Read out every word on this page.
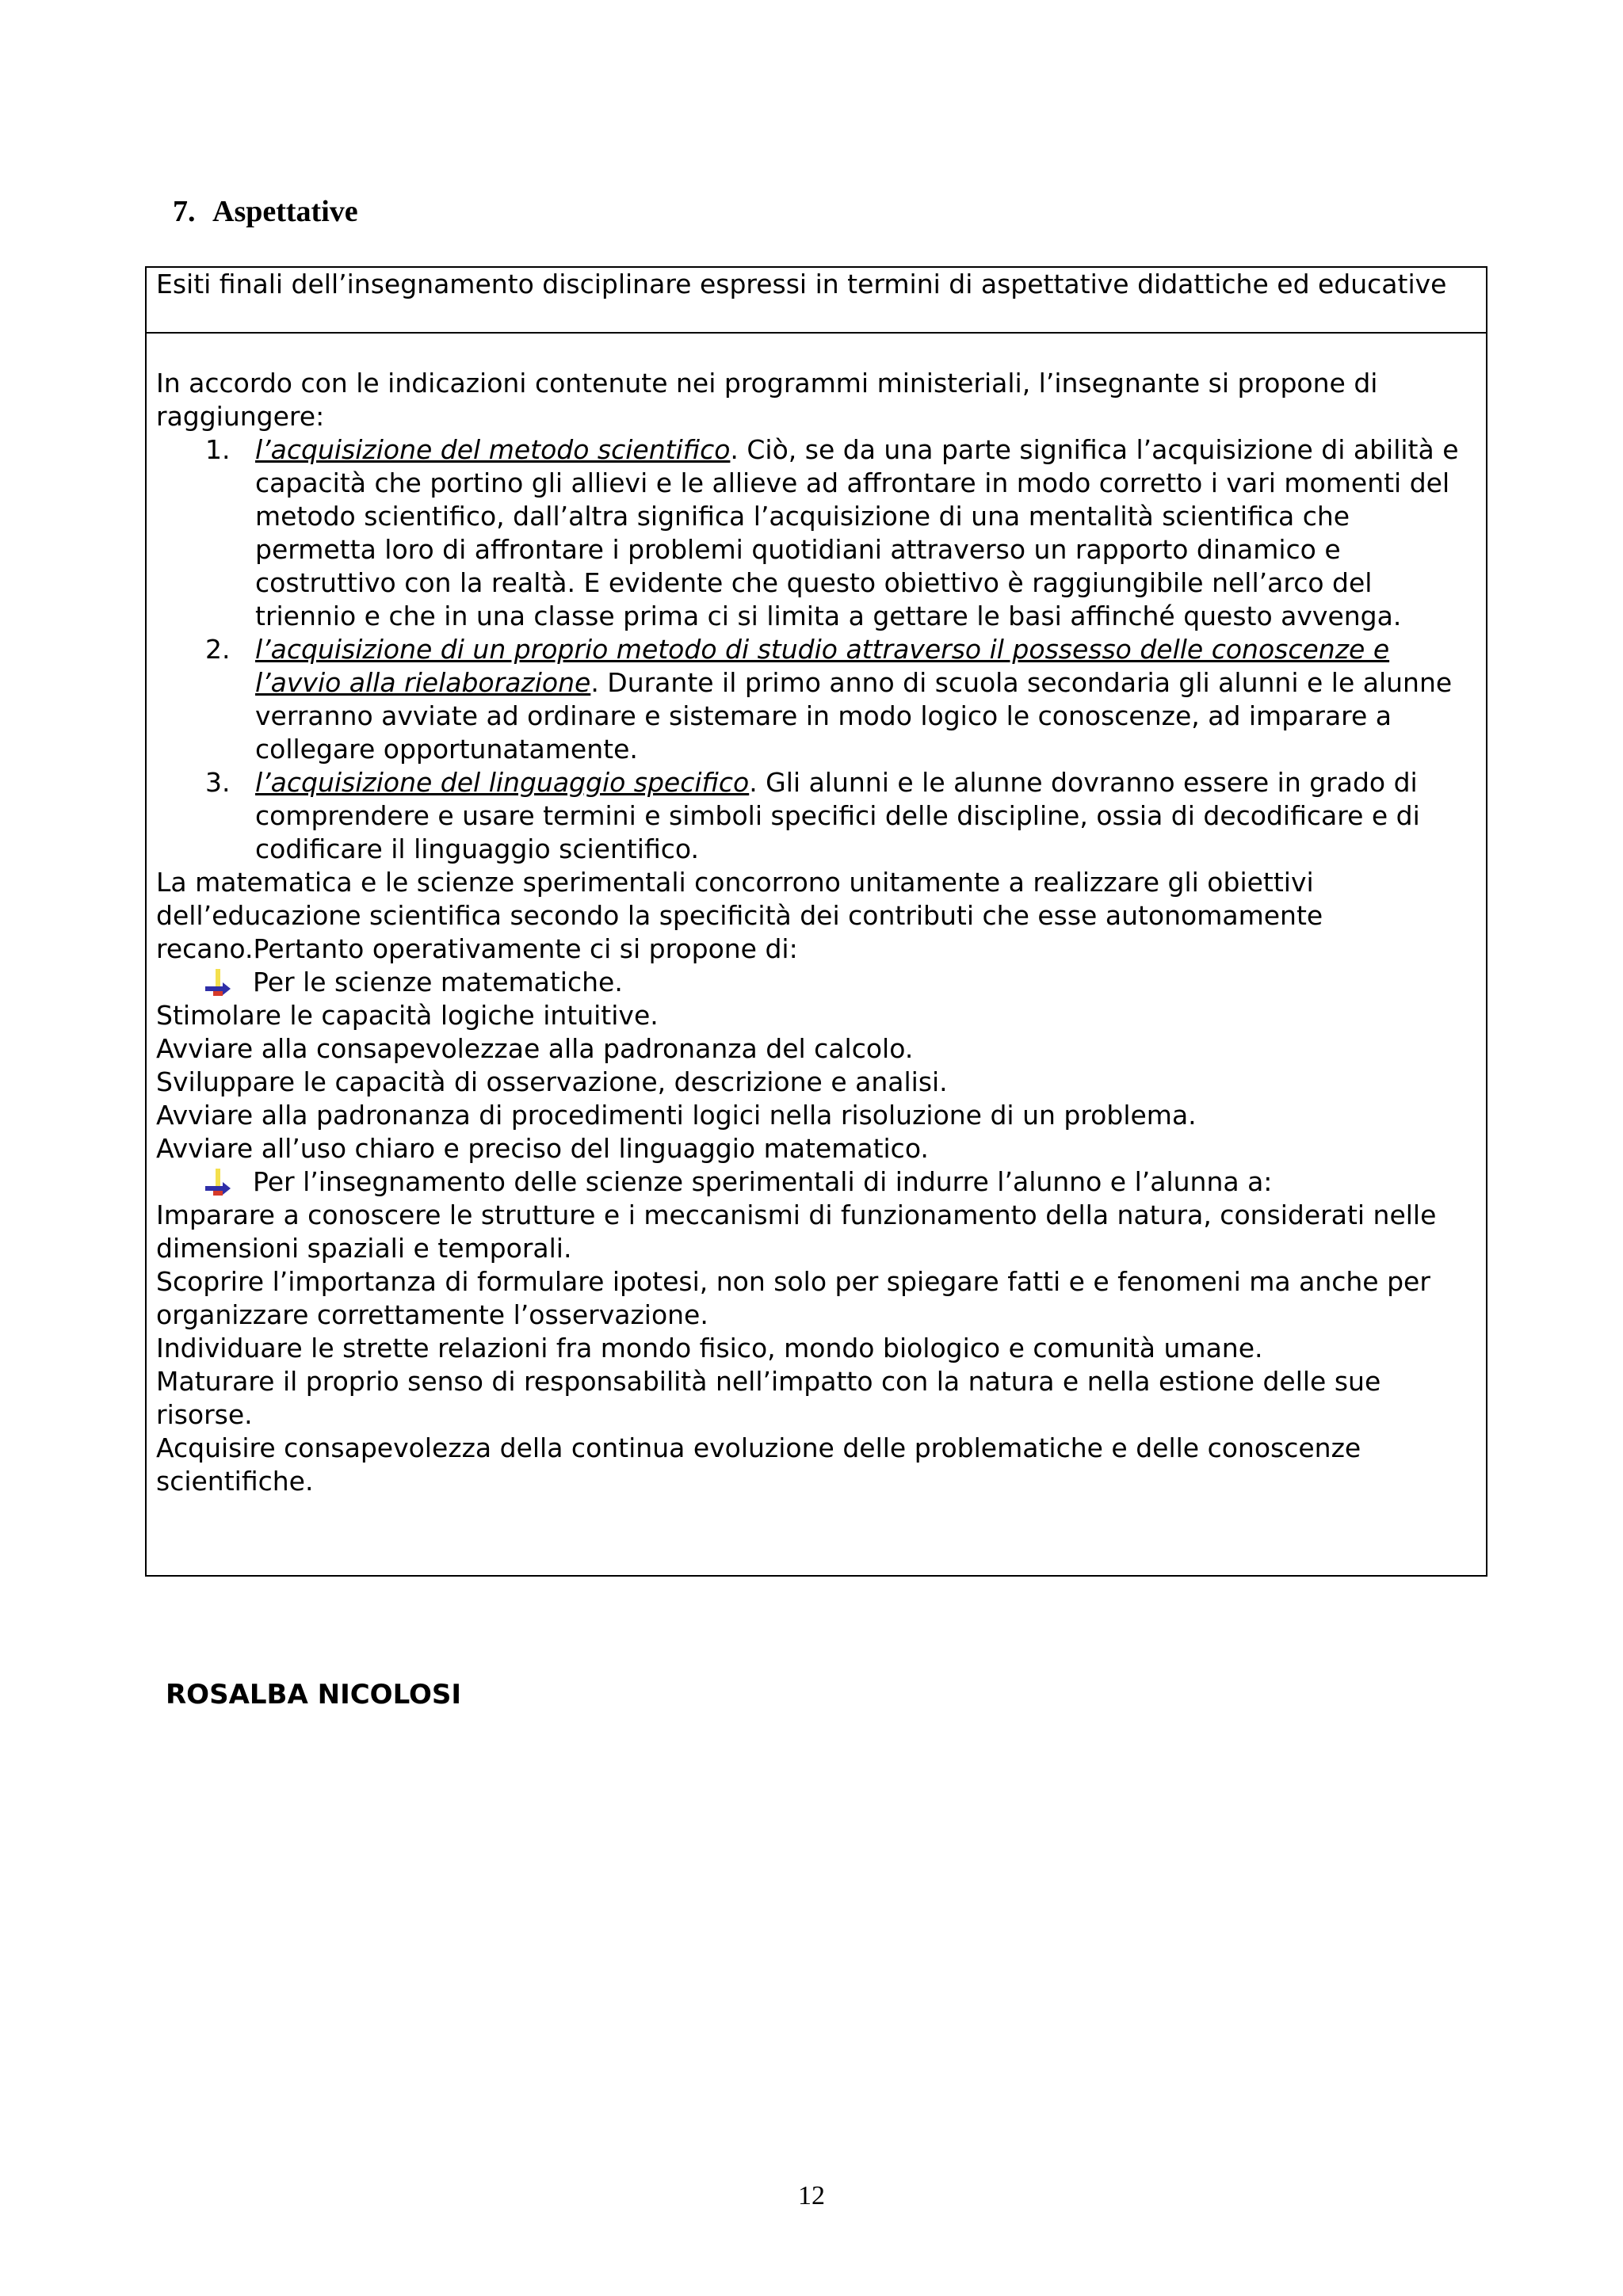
7. Aspettative
Esiti finali dell’insegnamento disciplinare espressi in termini di aspettative didattiche ed educative

In accordo con le indicazioni contenute nei programmi ministeriali, l’insegnante si propone di raggiungere:

1. l’acquisizione del metodo scientifico. Ciò, se da una parte significa l’acquisizione di abilità e capacità che portino gli allievi e le allieve ad affrontare in modo corretto i vari momenti del metodo scientifico, dall’altra significa l’acquisizione di una mentalità scientifica che permetta loro di affrontare i problemi quotidiani attraverso un rapporto dinamico e costruttivo con la realtà. E evidente che questo obiettivo è raggiungibile nell’arco del triennio e che in una classe prima ci si limita a gettare le basi affinché questo avvenga.
2. l’acquisizione di un proprio metodo di studio attraverso il possesso delle conoscenze e l’avvio alla rielaborazione. Durante il primo anno di scuola secondaria gli alunni e le alunne verranno avviate ad ordinare e sistemare in modo logico le conoscenze, ad imparare a collegare opportunatamente.
3. l’acquisizione del linguaggio specifico. Gli alunni e le alunne dovranno essere in grado di comprendere e usare termini e simboli specifici delle discipline, ossia di decodificare e di codificare il linguaggio scientifico.

La matematica e le scienze sperimentali concorrono unitamente a realizzare gli obiettivi dell’educazione scientifica secondo la specificità dei contributi che esse autonomamente recano.Pertanto operativamente ci si propone di:

Per le scienze matematiche.

Stimolare le capacità logiche intuitive.

Avviare alla consapevolezzae alla padronanza del calcolo.

Sviluppare le capacità di osservazione, descrizione e analisi.

Avviare alla padronanza di procedimenti logici nella risoluzione di un problema.

Avviare all’uso chiaro e preciso del linguaggio matematico.

Per l’insegnamento delle scienze sperimentali di indurre l’alunno e l’alunna a:

Imparare a conoscere le strutture e i meccanismi di funzionamento della natura, considerati nelle dimensioni spaziali e temporali.

Scoprire l’importanza di formulare ipotesi, non solo per spiegare fatti e e fenomeni ma anche per organizzare correttamente l’osservazione.

Individuare le strette relazioni fra mondo fisico, mondo biologico e comunità umane.

Maturare il proprio senso di responsabilità nell’impatto con la natura e nella estione delle sue risorse.

Acquisire consapevolezza della continua evoluzione delle problematiche e delle conoscenze scientifiche.

ROSALBA NICOLOSI

12
